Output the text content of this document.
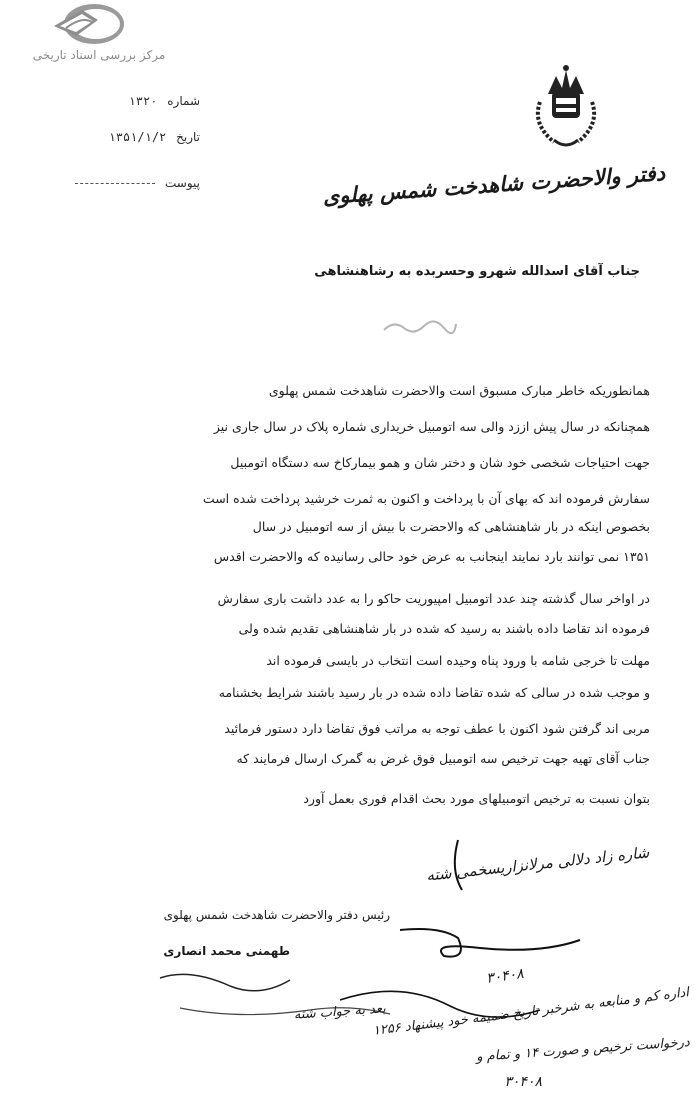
مرکز بررسی اسناد تاریخی
دفتر والاحضرت شاهدخت شمس پهلوی
شماره ۱۳۲۰
تاریخ ۱۳۵۱/۱/۲
پیوست
جناب آقای اسدالله شهرو وحسربده به رشاهنشاهی
همانطوریکه خاطر مبارک مسبوق است والاحضرت شاهدخت شمس پهلوی
همچنانکه در سال پیش اززد والی سه اتومبیل خریداری شماره پلاک در سال جاری نیز
جهت احتیاجات شخصی خود شان و دختر شان و همو بیمارکاخ سه دستگاه اتومبیل
سفارش فرموده اند که بهای آن با پرداخت و اکنون به ثمرت خرشید پرداخت شده است
بخصوص اینکه در بار شاهنشاهی که والاحضرت با بیش از سه اتومبیل در سال
۱۳۵۱ نمی توانند بارد نمایند اینجانب به عرض خود حالی رسانیده که والاحضرت اقدس
در اواخر سال گذشته چند عدد اتومبیل امپیوریت حاکو را به عدد داشت باری سفارش
فرموده اند تقاضا داده باشند به رسید که شده در بار شاهنشاهی تقدیم شده ولی
مهلت تا خرجی شامه با ورود پناه وحیده است انتخاب در بایسی فرموده اند
و موجب شده در سالی که شده تقاضا داده شده در بار رسید باشند شرایط بخشنامه
مربی اند گرفتن شود اکنون با عطف توجه به مراتب فوق تقاضا دارد دستور فرمائید
جناب آقای تهیه جهت ترخیص سه اتومبیل فوق غرض به گمرک ارسال فرمایند که
بتوان نسبت به ترخیص اتومبیلهای مورد بحث اقدام فوری بعمل آورد
شاره زاد دلالی مرلانزاریسخمی شته
رئیس دفتر والاحضرت شاهدخت شمس پهلوی
طهمنی محمد انصاری
بعد به جواب شته
۳۰۴۰۸
اداره کم و منابعه به شرخبر تاریخ ضمیمه خود پیشنهاد ۱۲۵۶
درخواست ترخیص و صورت ۱۴ و تمام و
۳۰۴۰۸
